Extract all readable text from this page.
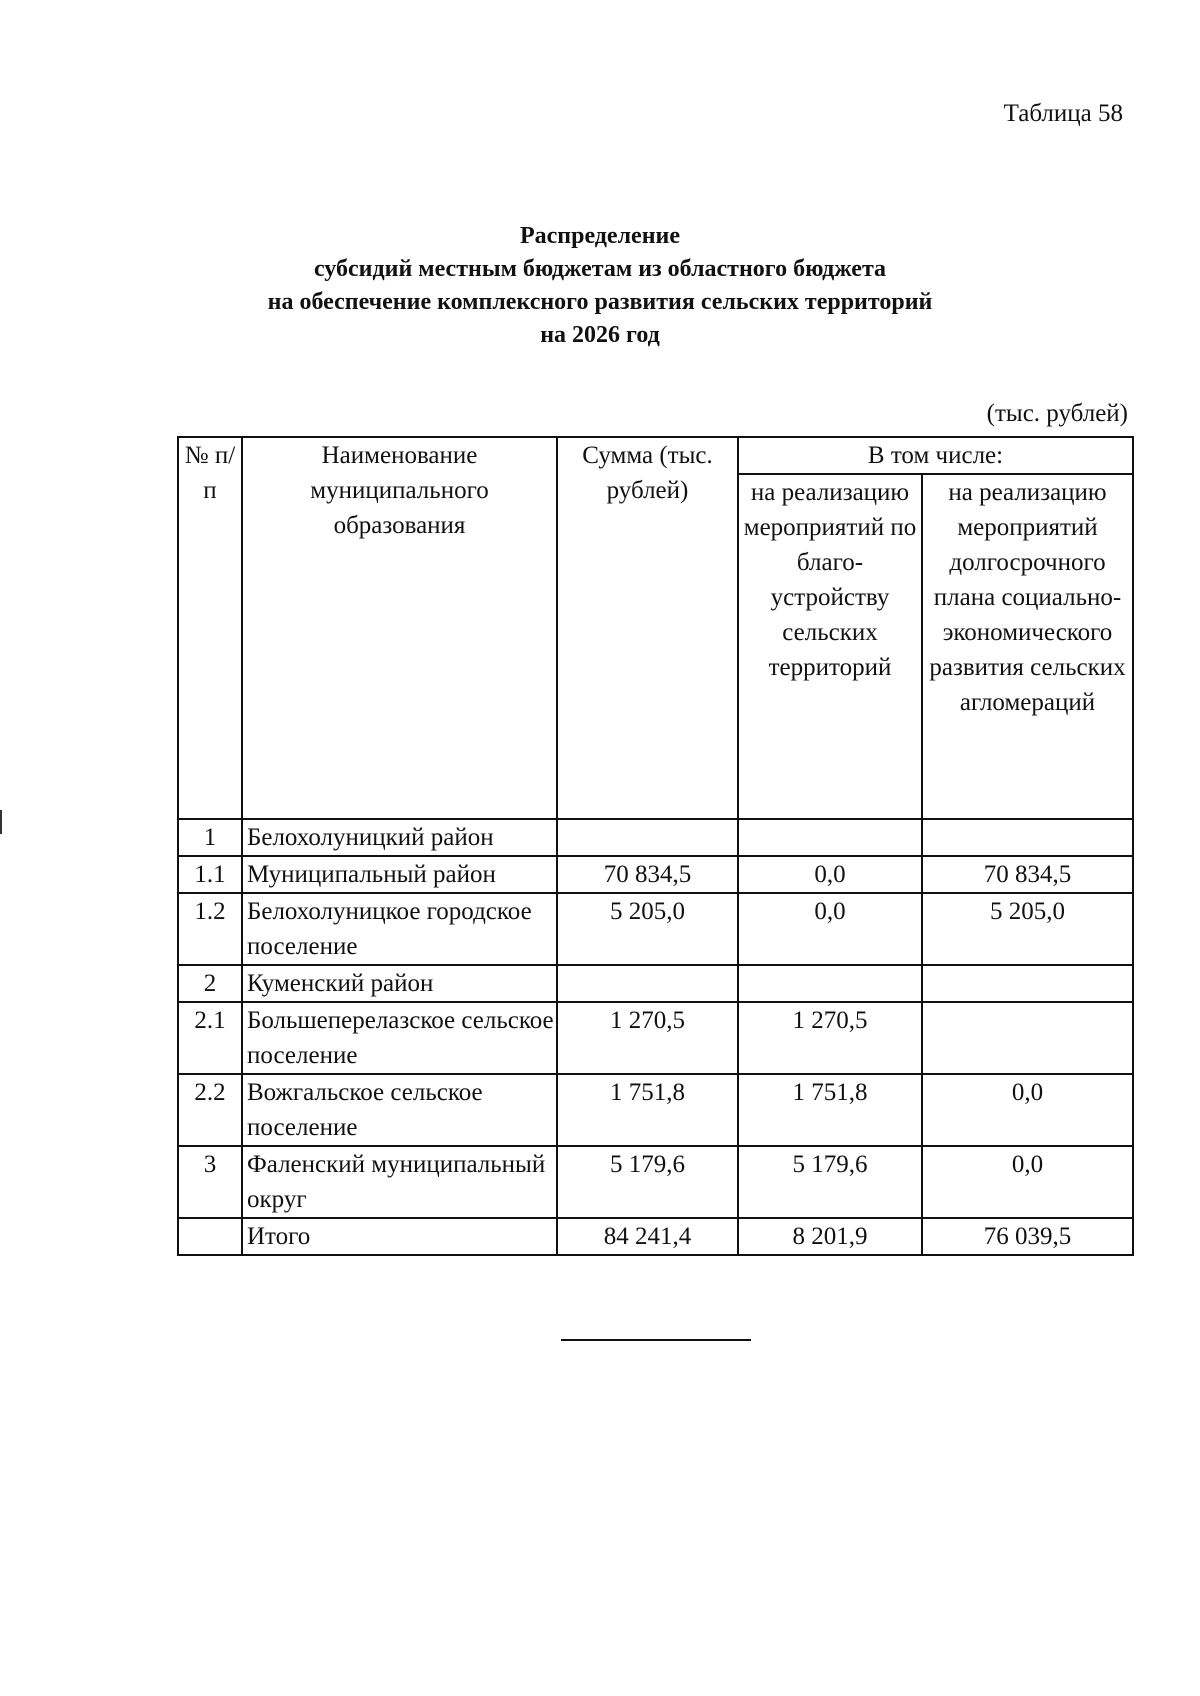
Таблица 58
Распределение
субсидий местным бюджетам из областного бюджета
на обеспечение комплексного развития сельских территорий
на 2026 год
(тыс. рублей)
№ п/п	Наименование муниципального образования	Сумма (тыс. рублей)	В том числе:	
			на реализацию мероприятий по благо-устройству сельских территорий	на реализацию мероприятий долгосрочного плана социально-экономического развития сельских агломераций
1	Белохолуницкий район			
1.1	Муниципальный район	70 834,5	0,0	70 834,5
1.2	Белохолуницкое городское поселение	5 205,0	0,0	5 205,0
2	Куменский район			
2.1	Большеперелазское сельское поселение	1 270,5	1 270,5	
2.2	Вожгальское сельское поселение	1 751,8	1 751,8	0,0
3	Фаленский муниципальный округ	5 179,6	5 179,6	0,0
	Итого	84 241,4	8 201,9	76 039,5
